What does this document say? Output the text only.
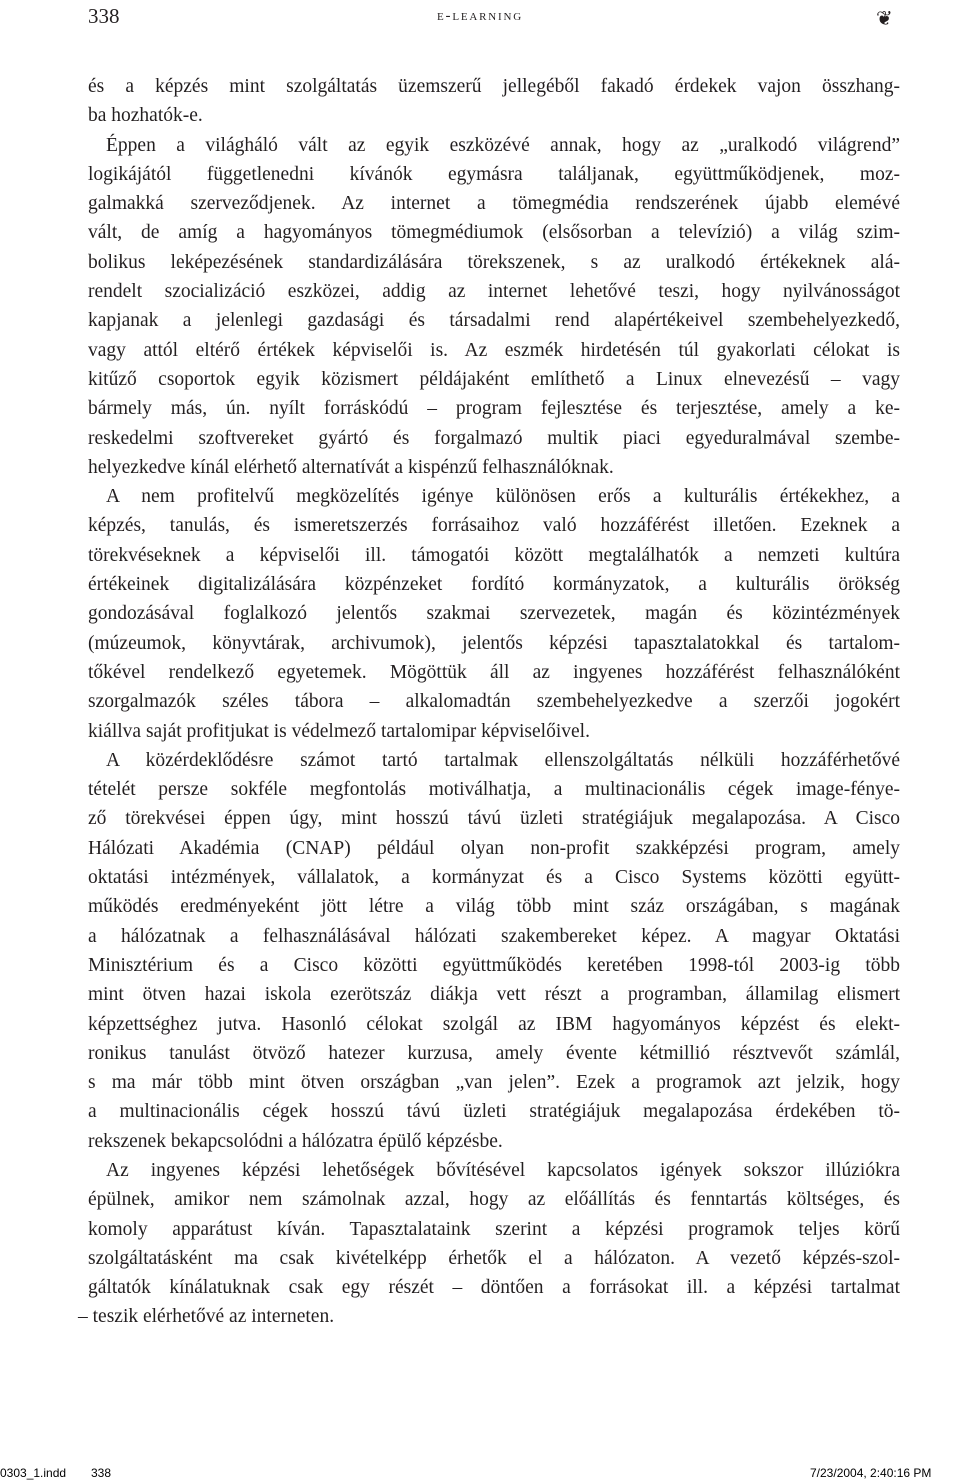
338	e-learning	❦
és a képzés mint szolgáltatás üzemszerű jellegéből fakadó érdekek vajon összhang-
ba hozhatók-e.
Éppen a világháló vált az egyik eszközévé annak, hogy az „uralkodó világrend”
logikájától függetlenedni kívánók egymásra találjanak, együttműködjenek, moz-
galmakká szerveződjenek. Az internet a tömegmédia rendszerének újabb elemévé
vált, de amíg a hagyományos tömegmédiumok (elsősorban a televízió) a világ szim-
bolikus leképezésének standardizálására törekszenek, s az uralkodó értékeknek alá-
rendelt szocializáció eszközei, addig az internet lehetővé teszi, hogy nyilvánosságot
kapjanak a jelenlegi gazdasági és társadalmi rend alapértékeivel szembehelyezkedő,
vagy attól eltérő értékek képviselői is. Az eszmék hirdetésén túl gyakorlati célokat is
kitűző csoportok egyik közismert példájaként említhető a Linux elnevezésű – vagy
bármely más, ún. nyílt forráskódú – program fejlesztése és terjesztése, amely a ke-
reskedelmi szoftvereket gyártó és forgalmazó multik piaci egyeduralmával szembe-
helyezkedve kínál elérhető alternatívát a kispénzű felhasználóknak.
A nem profitelvű megközelítés igénye különösen erős a kulturális értékekhez, a
képzés, tanulás, és ismeretszerzés forrásaihoz való hozzáférést illetően. Ezeknek a
törekvéseknek a képviselői ill. támogatói között megtalálhatók a nemzeti kultúra
értékeinek digitalizálására közpénzeket fordító kormányzatok, a kulturális örökség
gondozásával foglalkozó jelentős szakmai szervezetek, magán és közintézmények
(múzeumok, könyvtárak, archivumok), jelentős képzési tapasztalatokkal és tartalom-
tőkével rendelkező egyetemek. Mögöttük áll az ingyenes hozzáférést felhasználóként
szorgalmazók széles tábora – alkalomadtán szembehelyezkedve a szerzői jogokért
kiállva saját profitjukat is védelmező tartalomipar képviselőivel.
A közérdeklődésre számot tartó tartalmak ellenszolgáltatás nélküli hozzáférhetővé
tételét persze sokféle megfontolás motiválhatja, a multinacionális cégek image-fénye-
ző törekvései éppen úgy, mint hosszú távú üzleti stratégiájuk megalapozása. A Cisco
Hálózati Akadémia (CNAP) például olyan non-profit szakképzési program, amely
oktatási intézmények, vállalatok, a kormányzat és a Cisco Systems közötti együtt-
működés eredményeként jött létre a világ több mint száz országában, s magának
a hálózatnak a felhasználásával hálózati szakembereket képez. A magyar Oktatási
Minisztérium és a Cisco közötti együttműködés keretében 1998-tól 2003-ig több
mint ötven hazai iskola ezerötszáz diákja vett részt a programban, államilag elismert
képzettséghez jutva. Hasonló célokat szolgál az IBM hagyományos képzést és elekt-
ronikus tanulást ötvöző hatezer kurzusa, amely évente kétmillió résztvevőt számlál,
s ma már több mint ötven országban „van jelen”. Ezek a programok azt jelzik, hogy
a multinacionális cégek hosszú távú üzleti stratégiájuk megalapozása érdekében tö-
rekszenek bekapcsolódni a hálózatra épülő képzésbe.
Az ingyenes képzési lehetőségek bővítésével kapcsolatos igények sokszor illúziókra
épülnek, amikor nem számolnak azzal, hogy az előállítás és fenntartás költséges, és
komoly apparátust kíván. Tapasztalataink szerint a képzési programok teljes körű
szolgáltatásként ma csak kivételképp érhetők el a hálózaton. A vezető képzés-szol-
gáltatók kínálatuknak csak egy részét – döntően a forrásokat ill. a képzési tartalmat
– teszik elérhetővé az interneten.
0303_1.indd 338	7/23/2004, 2:40:16 PM
